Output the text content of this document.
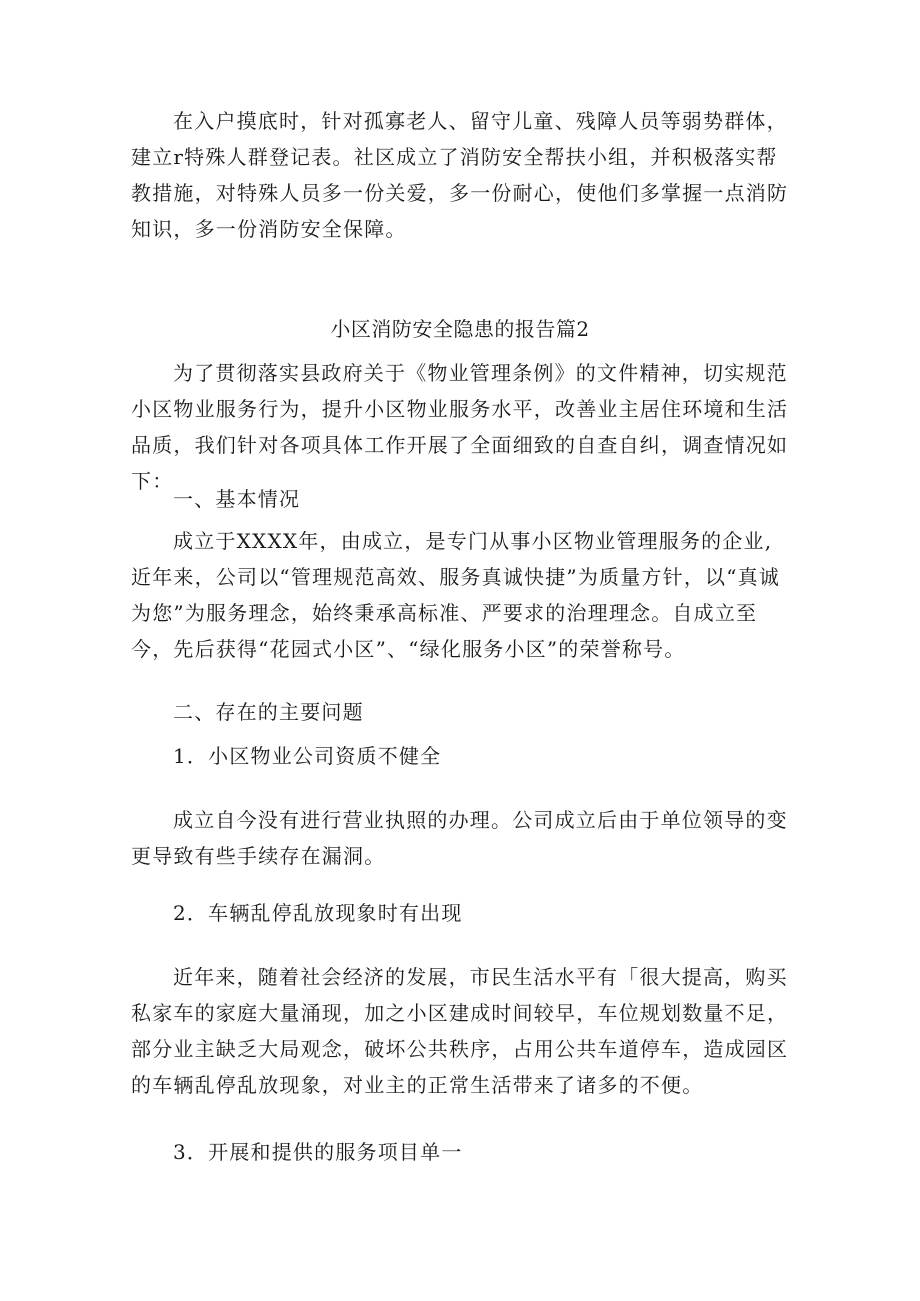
在入户摸底时，针对孤寡老人、留守儿童、残障人员等弱势群体，建立r特殊人群登记表。社区成立了消防安全帮扶小组，并积极落实帮教措施，对特殊人员多一份关爱，多一份耐心，使他们多掌握一点消防知识，多一份消防安全保障。

小区消防安全隐患的报告篇2

为了贯彻落实县政府关于《物业管理条例》的文件精神，切实规范小区物业服务行为，提升小区物业服务水平，改善业主居住环境和生活品质，我们针对各项具体工作开展了全面细致的自查自纠，调查情况如下：

一、基本情况

成立于XXXX年，由成立，是专门从事小区物业管理服务的企业,近年来，公司以“管理规范高效、服务真诚快捷”为质量方针，以“真诚为您”为服务理念，始终秉承高标准、严要求的治理理念。自成立至今，先后获得“花园式小区”、“绿化服务小区”的荣誉称号。

二、存在的主要问题

1．小区物业公司资质不健全

成立自今没有进行营业执照的办理。公司成立后由于单位领导的变更导致有些手续存在漏洞。

2．车辆乱停乱放现象时有出现

近年来，随着社会经济的发展，市民生活水平有「很大提高，购买私家车的家庭大量涌现，加之小区建成时间较早，车位规划数量不足，部分业主缺乏大局观念，破坏公共秩序，占用公共车道停车，造成园区的车辆乱停乱放现象，对业主的正常生活带来了诸多的不便。

3．开展和提供的服务项目单一
